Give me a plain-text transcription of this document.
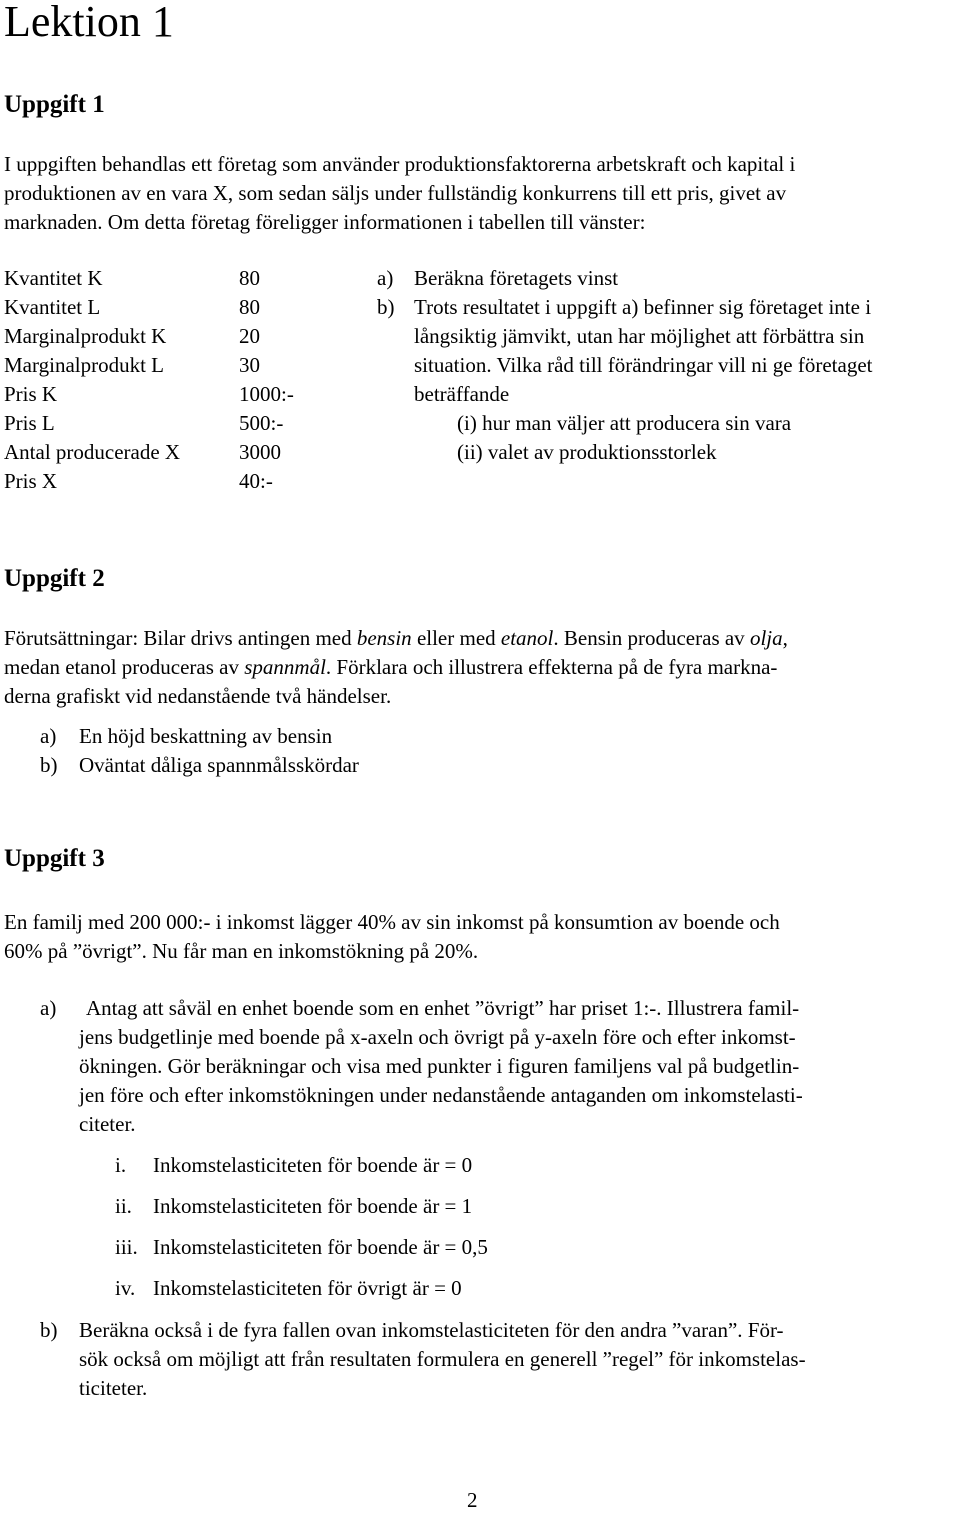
Lektion 1
Uppgift 1
I uppgiften behandlas ett företag som använder produktionsfaktorerna arbetskraft och kapital i
produktionen av en vara X, som sedan säljs under fullständig konkurrens till ett pris, givet av
marknaden. Om detta företag föreligger informationen i tabellen till vänster:
Kvantitet K	80
Kvantitet L	80
Marginalprodukt K	20
Marginalprodukt L	30
Pris K	1000:-
Pris L	500:-
Antal producerade X	3000
Pris X	40:-
a) Beräkna företagets vinst
b) Trots resultatet i uppgift a) befinner sig företaget inte i
långsiktig jämvikt, utan har möjlighet att förbättra sin
situation. Vilka råd till förändringar vill ni ge företaget
beträffande
(i) hur man väljer att producera sin vara
(ii) valet av produktionsstorlek
Uppgift 2
Förutsättningar: Bilar drivs antingen med bensin eller med etanol. Bensin produceras av olja,
medan etanol produceras av spannmål. Förklara och illustrera effekterna på de fyra markna-
derna grafiskt vid nedanstående två händelser.
a) En höjd beskattning av bensin
b) Oväntat dåliga spannmålsskördar
Uppgift 3
En familj med 200 000:- i inkomst lägger 40% av sin inkomst på konsumtion av boende och
60% på ”övrigt”. Nu får man en inkomstökning på 20%.
a) Antag att såväl en enhet boende som en enhet ”övrigt” har priset 1:-. Illustrera famil-
jens budgetlinje med boende på x-axeln och övrigt på y-axeln före och efter inkomst-
ökningen. Gör beräkningar och visa med punkter i figuren familjens val på budgetlin-
jen före och efter inkomstökningen under nedanstående antaganden om inkomstelasti-
citeter.
i. Inkomstelasticiteten för boende är = 0
ii. Inkomstelasticiteten för boende är = 1
iii. Inkomstelasticiteten för boende är = 0,5
iv. Inkomstelasticiteten för övrigt är = 0
b) Beräkna också i de fyra fallen ovan inkomstelasticiteten för den andra ”varan”. För-
sök också om möjligt att från resultaten formulera en generell ”regel” för inkomstelas-
ticiteter.
2
